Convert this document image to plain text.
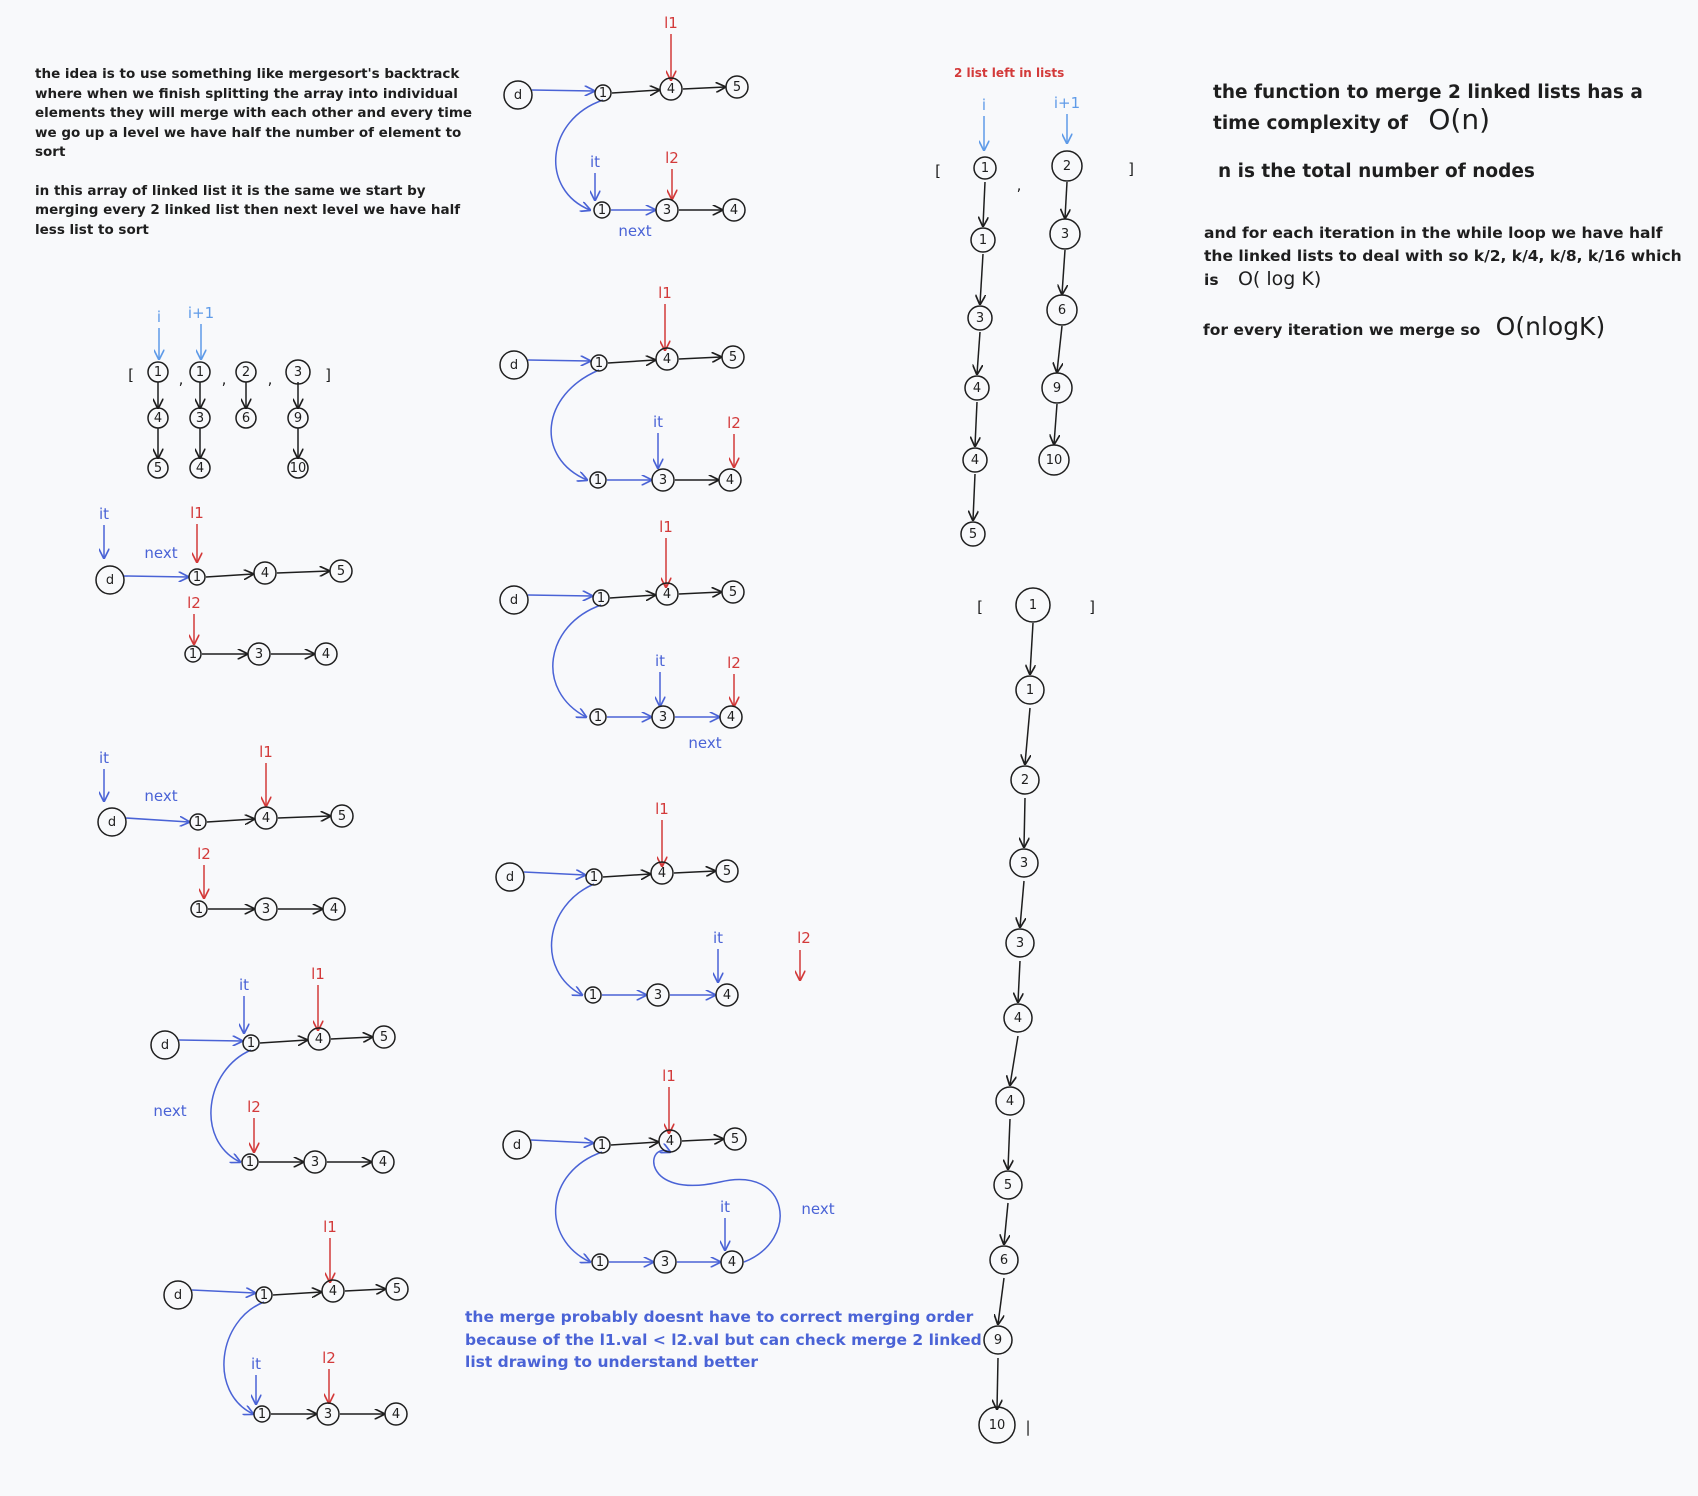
the idea is to use something like mergesort's backtrack where when we finish splitting the array into individual elements they will merge with each other and every time we go up a level we have half the number of element to sort

in this array of linked list it is the same we start by merging every 2 linked list then next level we have half less list to sort

the function to merge 2 linked lists has a time complexity of O(n)
n is the total number of nodes
and for each iteration in the while loop we have half the linked lists to deal with so k/2, k/4, k/8, k/16 which is O( log K)
for every iteration we merge so O(nlogK)
the merge probably doesnt have to correct merging order because of the l1.val < l2.val but can check merge 2 linked list drawing to understand better
2 list left in lists
1
4
5
1
3
4
2
6
3
9
10
d	1	4	5
1	3	4
d	1	4	5
1	3	4
d	1	4	5
1	3	4
d	1	4	5
1	3	4
d	1	4	5
1	3	4
d	1	4	5
1	3	4
d	1	4	5
1	3	4
d	1	4	5
1	3	4
d	1	4	5
1	3	4
1
1
3
4
4
5
2
3
6
9
10
1
1
2
3
3
4
4
5
6
9
10
[	]
,	,	,
i i+1
it	l1
l2
next
it	l1
l2
next
it
l1
l2
next
it
l1
l2
it
l1
l2
next
it
l1
l2
it
l1
l2
next
it
l1
l2
it
l1
next
[	]
,
i	i+1
[	]
|
